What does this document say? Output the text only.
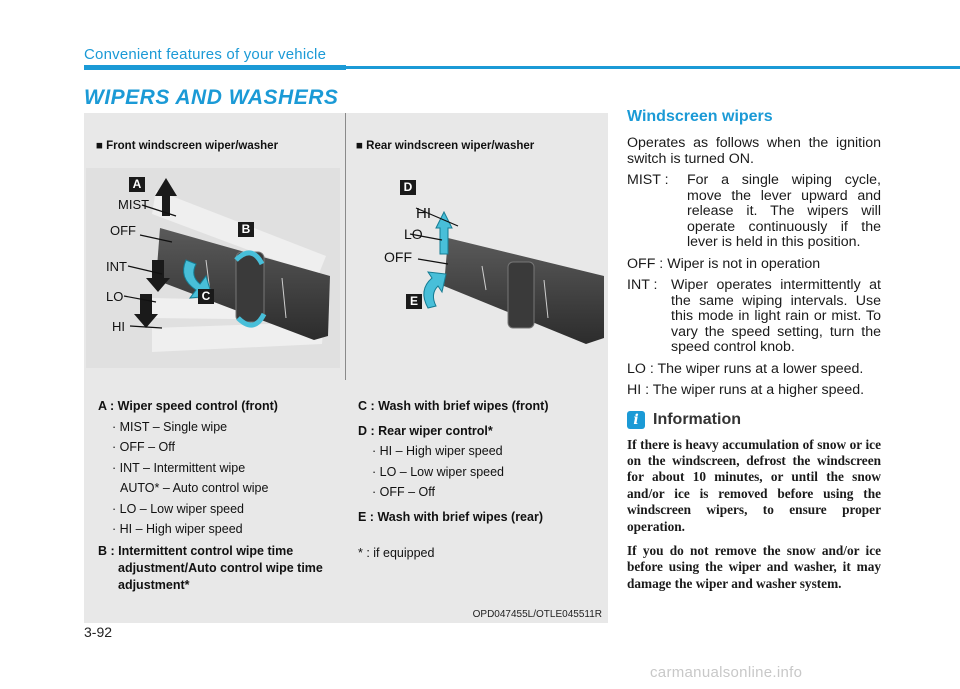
Convenient features of your vehicle
WIPERS AND WASHERS
■ Front windscreen wiper/washer	■ Rear windscreen wiper/washer
MIST
OFF
INT
LO
HI
A
B
C
HI
LO
OFF
D
E
A : Wiper speed control (front)
· MIST – Single wipe
· OFF – Off
· INT – Intermittent wipe
AUTO* – Auto control wipe
· LO – Low wiper speed
· HI – High wiper speed
B : Intermittent control wipe time adjustment/Auto control wipe time adjustment*
C : Wash with brief wipes (front)
D : Rear wiper control*
· HI – High wiper speed
· LO – Low wiper speed
· OFF – Off
E : Wash with brief wipes (rear)
* : if equipped
OPD047455L/OTLE045511R
Windscreen wipers

Operates as follows when the ignition switch is turned ON.

MIST :	For a single wiping cycle, move the lever upward and release it. The wipers will operate continuously if the lever is held in this position.
OFF : Wiper is not in operation
INT : Wiper operates intermittently at the same wiping intervals. Use this mode in light rain or mist. To vary the speed setting, turn the speed control knob.
LO : The wiper runs at a lower speed.
HI : The wiper runs at a higher speed.
i Information

If there is heavy accumulation of snow or ice on the windscreen, defrost the windscreen for about 10 minutes, or until the snow and/or ice is removed before using the windscreen wipers, to ensure proper operation.

If you do not remove the snow and/or ice before using the wiper and washer, it may damage the wiper and washer system.

3-92
carmanualsonline.info
